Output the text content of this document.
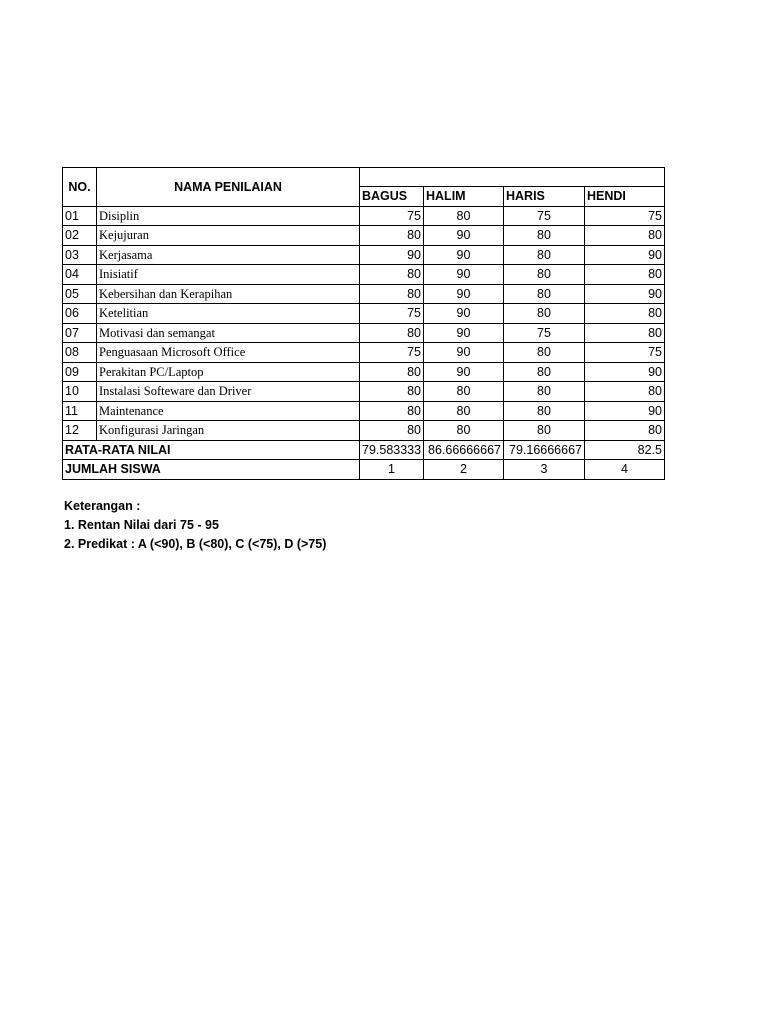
NO.	NAMA PENILAIAN				
		BAGUS	HALIM	HARIS	HENDI
01	Disiplin	75	80	75	75
02	Kejujuran	80	90	80	80
03	Kerjasama	90	90	80	90
04	Inisiatif	80	90	80	80
05	Kebersihan dan Kerapihan	80	90	80	90
06	Ketelitian	75	90	80	80
07	Motivasi dan semangat	80	90	75	80
08	Penguasaan Microsoft Office	75	90	80	75
09	Perakitan PC/Laptop	80	90	80	90
10	Instalasi Softeware dan Driver	80	80	80	80
11	Maintenance	80	80	80	90
12	Konfigurasi Jaringan	80	80	80	80
RATA-RATA NILAI		79.583333	86.66666667	79.16666667	82.5
JUMLAH SISWA		1	2	3	4
Keterangan :
1. Rentan Nilai dari 75 - 95
2. Predikat : A (<90), B (<80), C (<75), D (>75)
